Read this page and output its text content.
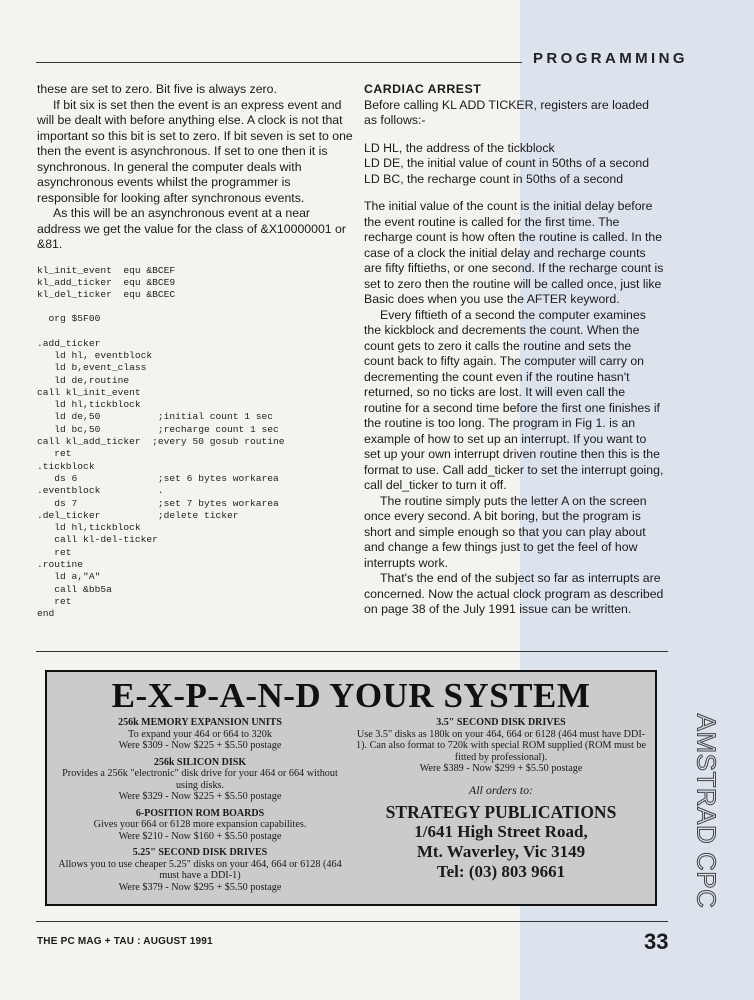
PROGRAMMING

these are set to zero. Bit five is always zero.

If bit six is set then the event is an express event and will be dealt with before anything else. A clock is not that important so this bit is set to zero. If bit seven is set to one then the event is asynchronous. If set to one then it is synchronous. In general the computer deals with asynchronous events whilst the programmer is responsible for looking after synchronous events.

As this will be an asynchronous event at a near address we get the value for the class of &X10000001 or &81.

kl_init_event  equ &BCEF
kl_add_ticker  equ &BCE9
kl_del_ticker  equ &BCEC
org $5F00
.add_ticker
ld hl, eventblock
ld b,event_class
ld de,routine
call kl_init_event
ld hl,tickblock
ld de,50          ;initial count 1 sec
ld bc,50          ;recharge count 1 sec
call kl_add_ticker  ;every 50 gosub routine
ret
.tickblock
ds 6              ;set 6 bytes workarea
.eventblock          .
ds 7              ;set 7 bytes workarea
.del_ticker          ;delete ticker
ld hl,tickblock
call kl-del-ticker
ret
.routine
ld a,"A"
call &bb5a
ret
end

CARDIAC ARREST

Before calling KL ADD TICKER, registers are loaded as follows:-

LD HL, the address of the tickblock

LD DE, the initial value of count in 50ths of a second

LD BC, the recharge count in 50ths of a second

The initial value of the count is the initial delay before the event routine is called for the first time. The recharge count is how often the routine is called. In the case of a clock the initial delay and recharge counts are fifty fiftieths, or one second. If the recharge count is set to zero then the routine will be called once, just like Basic does when you use the AFTER keyword.

Every fiftieth of a second the computer examines the kickblock and decrements the count. When the count gets to zero it calls the routine and sets the count back to fifty again. The computer will carry on decrementing the count even if the routine hasn't returned, so no ticks are lost. It will even call the routine for a second time before the first one finishes if the routine is too long. The program in Fig 1. is an example of how to set up an interrupt. If you want to set up your own interrupt driven routine then this is the format to use. Call add_ticker to set the interrupt going, call del_ticker to turn it off.

The routine simply puts the letter A on the screen once every second. A bit boring, but the program is short and simple enough so that you can play about and change a few things just to get the feel of how interrupts work.

That's the end of the subject so far as interrupts are concerned. Now the actual clock program as described on page 38 of the July 1991 issue can be written.

E-X-P-A-N-D YOUR SYSTEM
256k MEMORY EXPANSION UNITS
To expand your 464 or 664 to 320k
Were $309 - Now $225 + $5.50 postage
256k SILICON DISK
Provides a 256k "electronic" disk drive for your 464 or 664 without using disks.
Were $329 - Now $225 + $5.50 postage
6-POSITION ROM BOARDS
Gives your 664 or 6128 more expansion capabilites.
Were $210 - Now $160 + $5.50 postage
5.25" SECOND DISK DRIVES
Allows you to use cheaper 5.25" disks on your 464, 664 or 6128 (464 must have a DDI-1)
Were $379 - Now $295 + $5.50 postage
3.5" SECOND DISK DRIVES
Use 3.5" disks as 180k on your 464, 664 or 6128 (464 must have DDI-1). Can also format to 720k with special ROM supplied (ROM must be fitted by professional).
Were $389 - Now $299 + $5.50 postage
All orders to:
STRATEGY PUBLICATIONS
1/641 High Street Road,
Mt. Waverley, Vic 3149
Tel: (03) 803 9661	AMSTRAD CPC
THE PC MAG + TAU : AUGUST 1991	33
